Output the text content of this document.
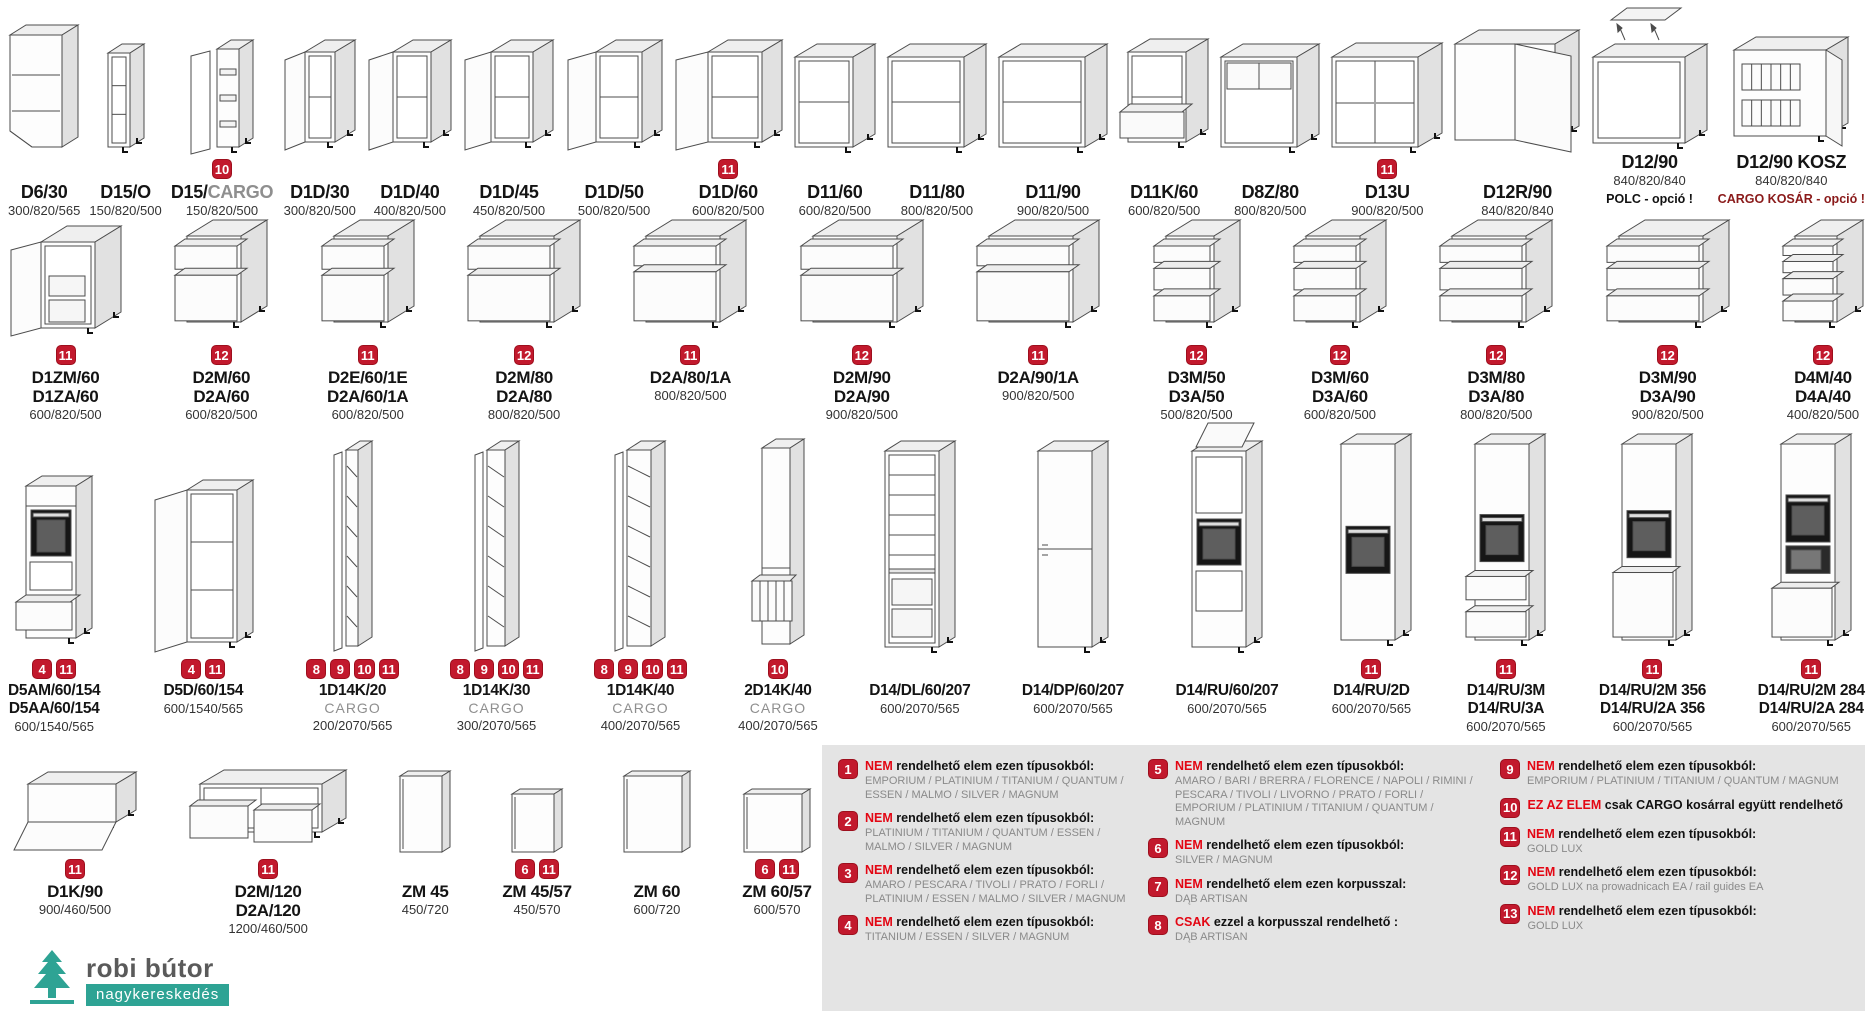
D6/30
300/820/565
D15/O
150/820/500
10
D15/CARGO
150/820/500
D1D/30
300/820/500
D1D/40
400/820/500
D1D/45
450/820/500
D1D/50
500/820/500
11
D1D/60
600/820/500
D11/60
600/820/500
D11/80
800/820/500
D11/90
900/820/500
D11K/60
600/820/500
D8Z/80
800/820/500
11
D13U
900/820/500
D12R/90
840/820/840
D12/90
840/820/840
POLC - opció !
D12/90 KOSZ
840/820/840
CARGO KOSÁR - opció !
11
D1ZM/60
D1ZA/60
600/820/500
12
D2M/60
D2A/60
600/820/500
11
D2E/60/1E
D2A/60/1A
600/820/500
12
D2M/80
D2A/80
800/820/500
11
D2A/80/1A
800/820/500
12
D2M/90
D2A/90
900/820/500
11
D2A/90/1A
900/820/500
12
D3M/50
D3A/50
500/820/500
12
D3M/60
D3A/60
600/820/500
12
D3M/80
D3A/80
800/820/500
12
D3M/90
D3A/90
900/820/500
12
D4M/40
D4A/40
400/820/500
4	11
D5AM/60/154
D5AA/60/154
600/1540/565
4	11
D5D/60/154
600/1540/565
8	9	10 11
1D14K/20
CARGO
200/2070/565
8	9	10 11
1D14K/30
CARGO
300/2070/565
8	9	10 11
1D14K/40
CARGO
400/2070/565
10
2D14K/40
CARGO
400/2070/565
D14/DL/60/207
600/2070/565
D14/DP/60/207
600/2070/565
D14/RU/60/207
600/2070/565
11
D14/RU/2D
600/2070/565
11
D14/RU/3M
D14/RU/3A
600/2070/565
11
D14/RU/2M 356
D14/RU/2A 356
600/2070/565
11
D14/RU/2M 284
D14/RU/2A 284
600/2070/565
11
D1K/90
900/460/500
11
D2M/120
D2A/120
1200/460/500
ZM 45
450/720
6	11
ZM 45/57
450/570
ZM 60
600/720
6	11
ZM 60/57
600/570
1	NEM rendelhető elem ezen típusokból:
EMPORIUM / PLATINIUM / TITANIUM / QUANTUM / ESSEN / MALMO / SILVER / MAGNUM
2	NEM rendelhető elem ezen típusokból:
PLATINIUM / TITANIUM / QUANTUM / ESSEN / MALMO / SILVER / MAGNUM
3	NEM rendelhető elem ezen típusokból:
AMARO / PESCARA / TIVOLI / PRATO / FORLI / PLATINIUM / ESSEN / MALMO / SILVER / MAGNUM
4	NEM rendelhető elem ezen típusokból:
TITANIUM / ESSEN / SILVER / MAGNUM
5	NEM rendelhető elem ezen típusokból:
AMARO / BARI / BRERRA / FLORENCE / NAPOLI / RIMINI / PESCARA / TIVOLI / LIVORNO / PRATO / FORLI / EMPORIUM / PLATINIUM / TITANIUM / QUANTUM / MAGNUM
6	NEM rendelhető elem ezen típusokból:
SILVER / MAGNUM
7	NEM rendelhető elem ezen korpusszal:
DĄB ARTISAN
8	CSAK ezzel a korpusszal rendelhető :
DĄB ARTISAN
9	NEM rendelhető elem ezen típusokból:
EMPORIUM / PLATINIUM / TITANIUM / QUANTUM / MAGNUM
10 EZ AZ ELEM csak CARGO kosárral együtt rendelhető
11 NEM rendelhető elem ezen típusokból:
GOLD LUX
12 NEM rendelhető elem ezen típusokból:
GOLD LUX na prowadnicach EA / rail guides EA
13 NEM rendelhető elem ezen típusokból:
GOLD LUX
robi bútor
nagykereskedés
